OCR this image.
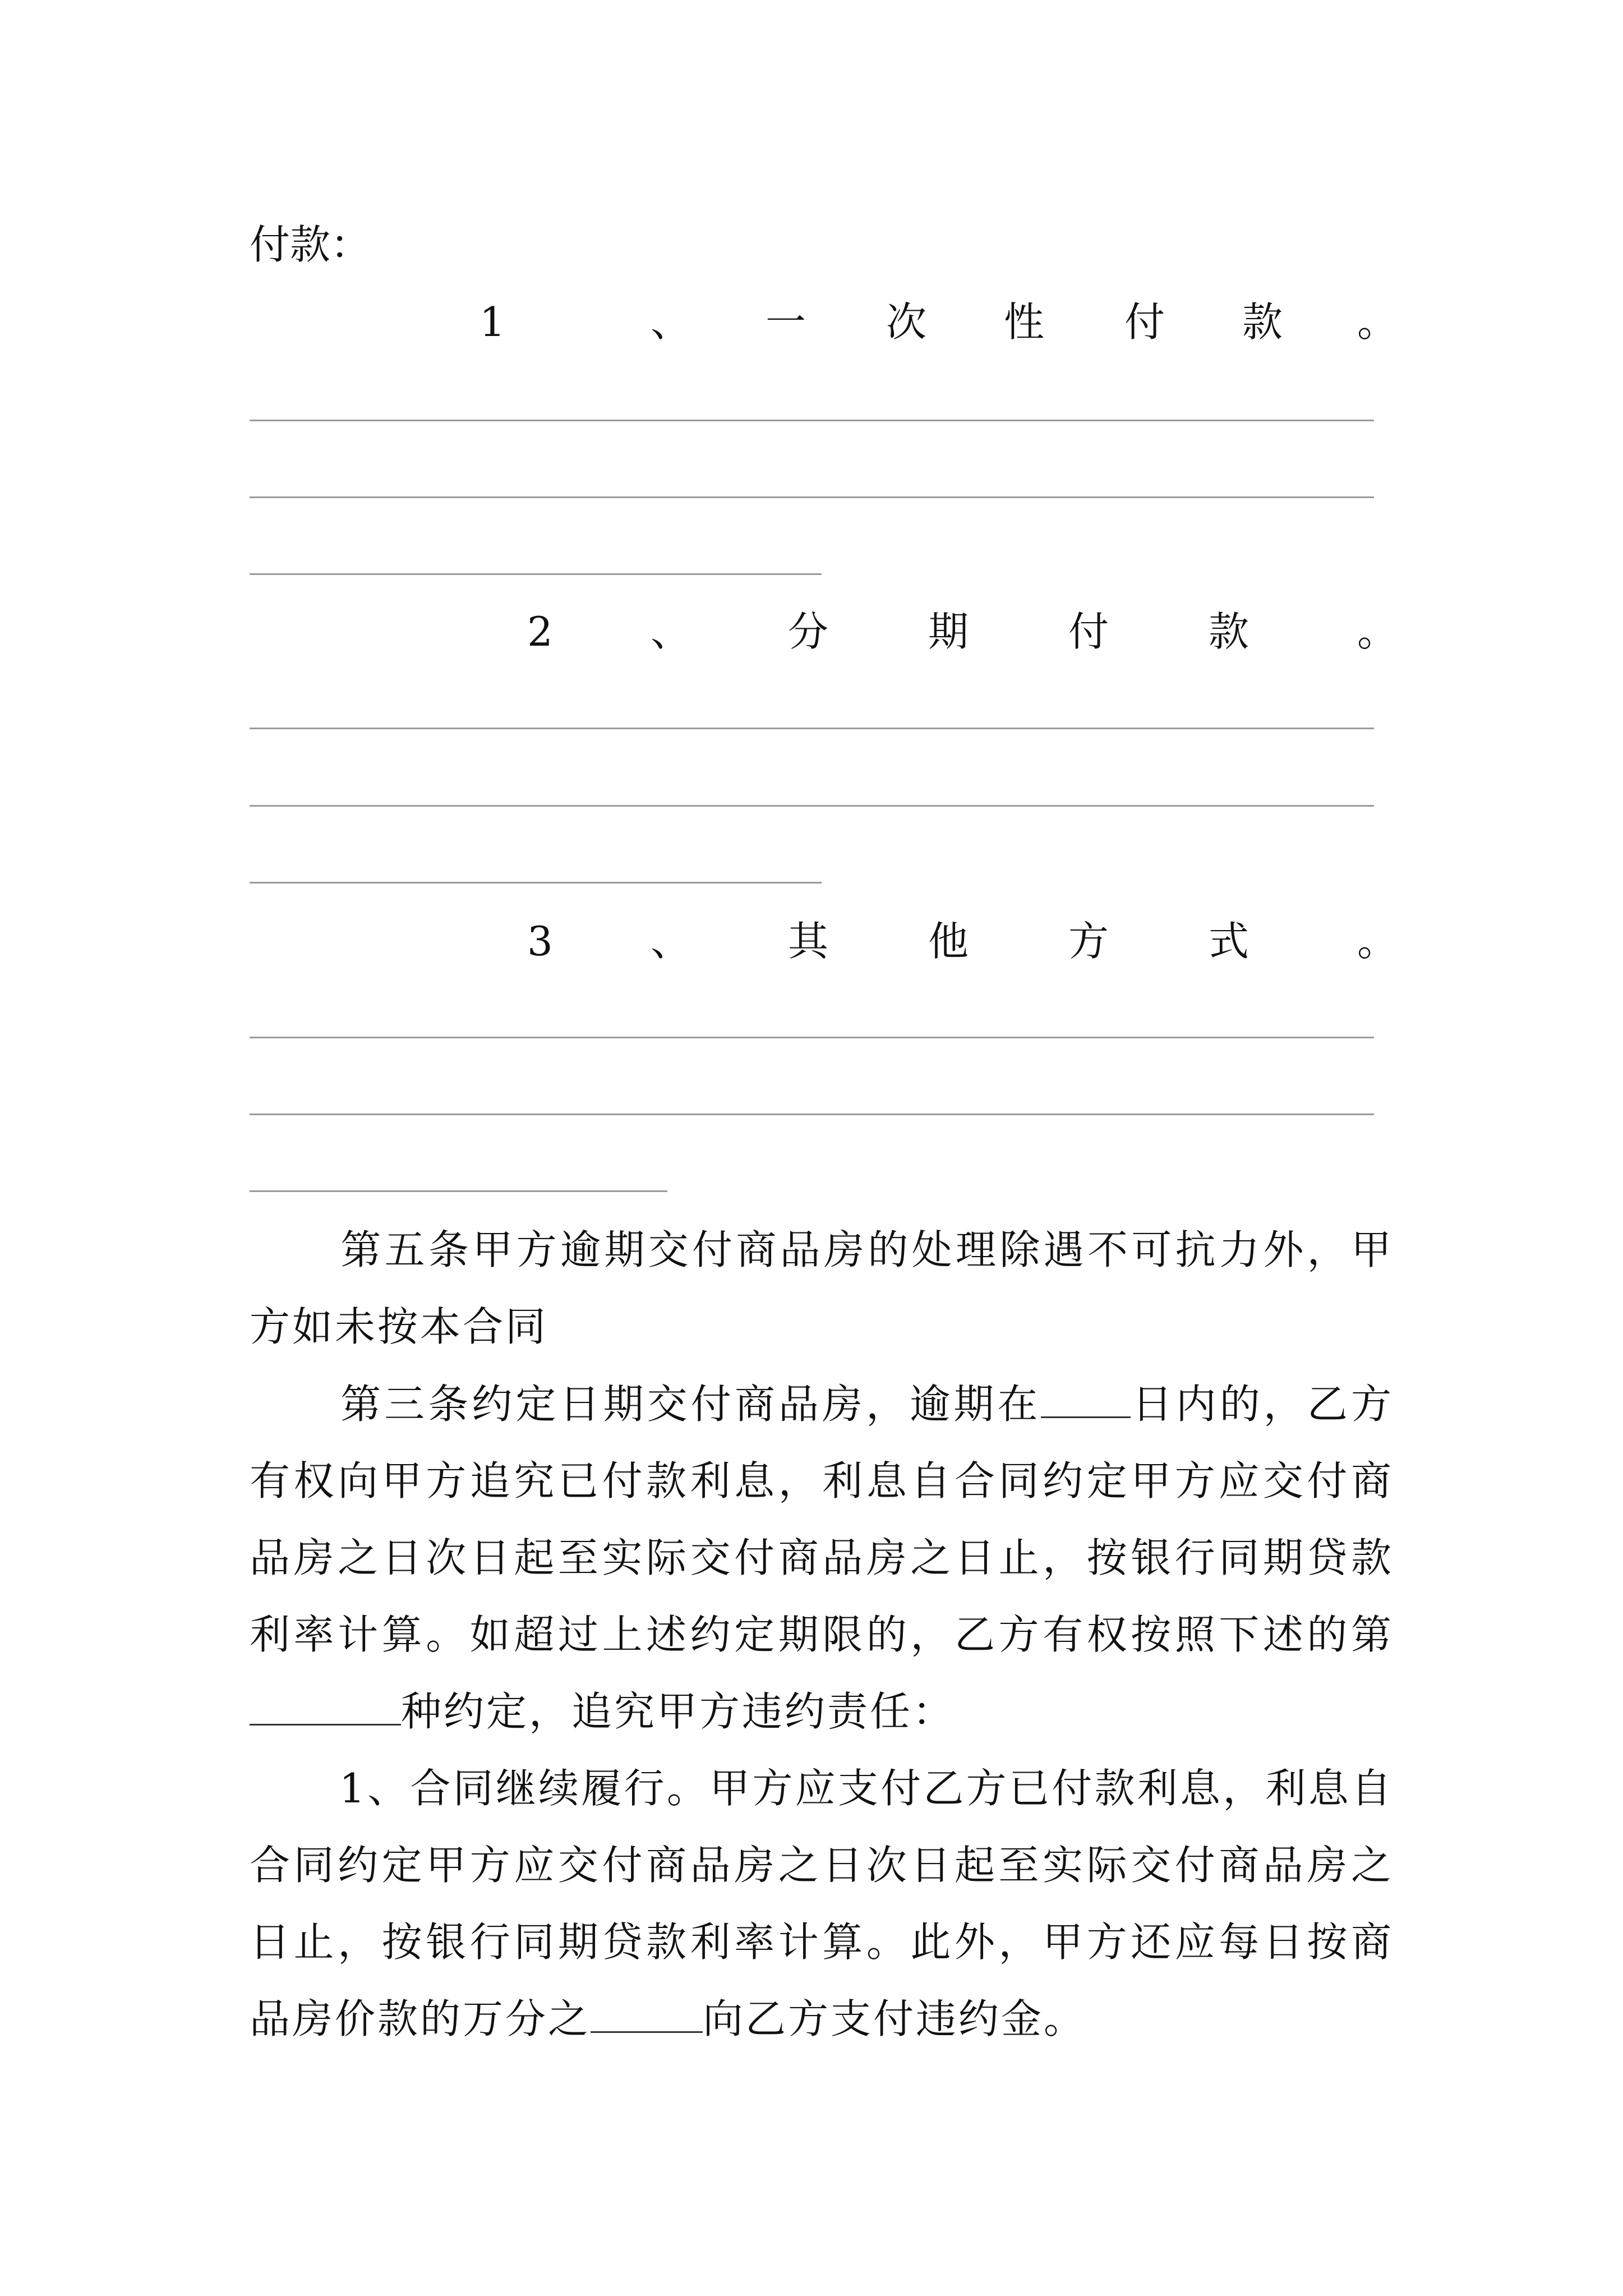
付款：
1	、 一 次 性 付 款 。
2 、 分 期 付 款	。
3 、 其 他 方 式	。

第五条甲方逾期交付商品房的处理除遇不可抗力外，甲方如未按本合同

第三条约定日期交付商品房，逾期在 日内的，乙方有权向甲方追究已付款利息，利息自合同约定甲方应交付商品房之日次日起至实际交付商品房之日止，按银行同期贷款利率计算。如超过上述约定期限的，乙方有权按照下述的第种约定，追究甲方违约责任：

1、合同继续履行。甲方应支付乙方已付款利息，利息自合同约定甲方应交付商品房之日次日起至实际交付商品房之日止，按银行同期贷款利率计算。此外，甲方还应每日按商品房价款的万分之	向乙方支付违约金。
